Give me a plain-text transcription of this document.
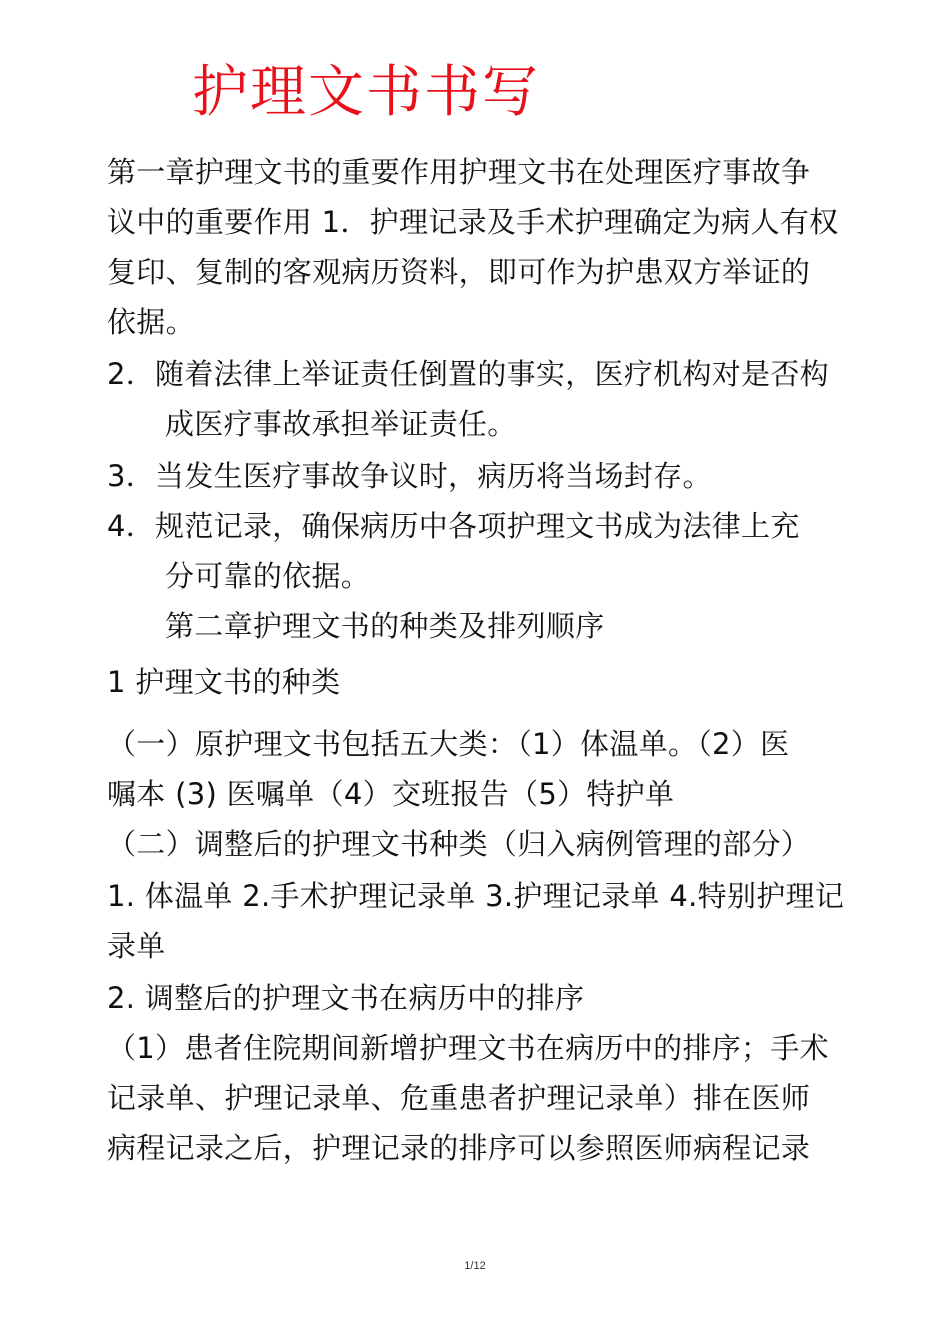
护理文书书写
第一章护理文书的重要作用护理文书在处理医疗事故争
议中的重要作用 1．护理记录及手术护理确定为病人有权
复印、复制的客观病历资料，即可作为护患双方举证的
依据。
2．随着法律上举证责任倒置的事实，医疗机构对是否构
成医疗事故承担举证责任。
3．当发生医疗事故争议时，病历将当场封存。
4．规范记录，确保病历中各项护理文书成为法律上充
分可靠的依据。
第二章护理文书的种类及排列顺序
1 护理文书的种类
（一）原护理文书包括五大类：（1）体温单。（2）医
嘱本 (3) 医嘱单（4）交班报告（5）特护单
（二）调整后的护理文书种类（归入病例管理的部分）
1. 体温单 2.手术护理记录单 3.护理记录单 4.特别护理记
录单
2. 调整后的护理文书在病历中的排序
（1）患者住院期间新增护理文书在病历中的排序；手术
记录单、护理记录单、危重患者护理记录单）排在医师
病程记录之后，护理记录的排序可以参照医师病程记录
1/12
